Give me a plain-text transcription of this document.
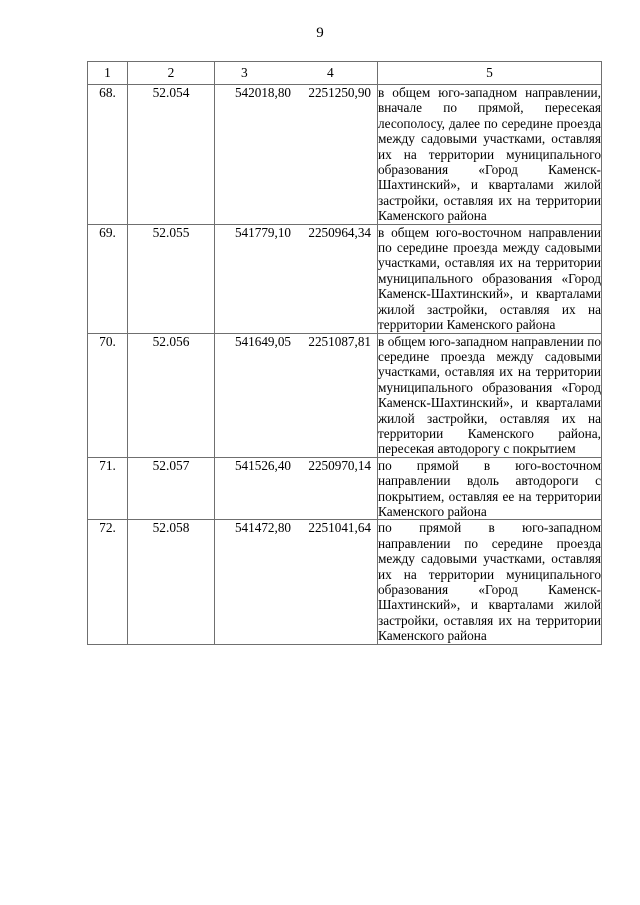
9
1	2	3 4	5
68.	52.054	542018,80 2251250,90	в общем юго-западном направлении, вначале по прямой, пересекая лесополосу, далее по середине проезда между садовыми участками, оставляя их на территории муниципального образования «Город Каменск-Шахтинский», и кварталами жилой застройки, оставляя их на территории Каменского района
69.	52.055	541779,10 2250964,34	в общем юго-восточном направлении по середине проезда между садовыми участками, оставляя их на территории муниципального образования «Город Каменск-Шахтинский», и кварталами жилой застройки, оставляя их на территории Каменского района
70.	52.056	541649,05 2251087,81	в общем юго-западном направлении по середине проезда между садовыми участками, оставляя их на территории муниципального образования «Город Каменск-Шахтинский», и кварталами жилой застройки, оставляя их на территории Каменского района, пересекая автодорогу с покрытием
71.	52.057	541526,40 2250970,14	по прямой в юго-восточном направлении вдоль автодороги с покрытием, оставляя ее на территории Каменского района
72.	52.058	541472,80 2251041,64	по прямой в юго-западном направлении по середине проезда между садовыми участками, оставляя их на территории муниципального образования «Город Каменск-Шахтинский», и кварталами жилой застройки, оставляя их на территории Каменского района
